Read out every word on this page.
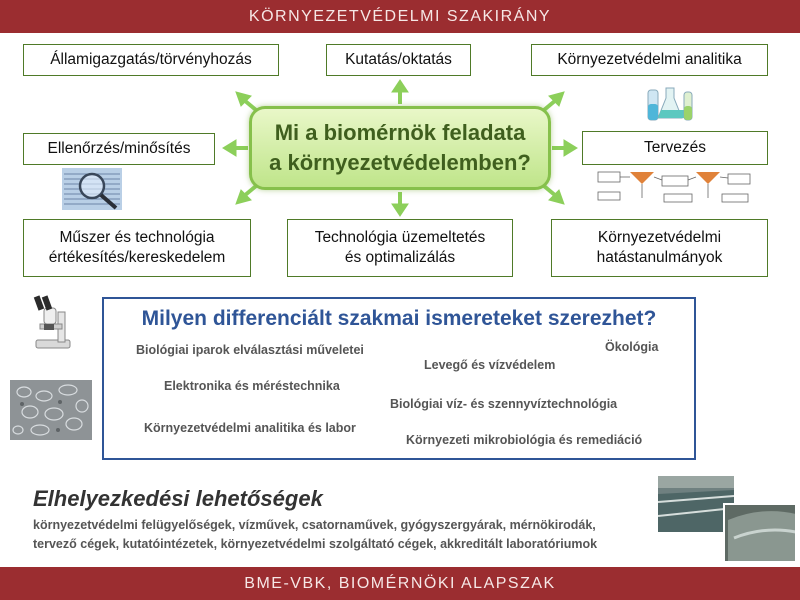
KÖRNYEZETVÉDELMI SZAKIRÁNY
Államigazgatás/törvényhozás	Kutatás/oktatás	Környezetvédelmi analitika
Ellenőrzés/minősítés	Tervezés
Műszer és technológia
értékesítés/kereskedelem
Technológia üzemeltetés
és optimalizálás
Környezetvédelmi
hatástanulmányok
Mi a biomérnök feladata
a környezetvédelemben?
Milyen differenciált szakmai ismereteket szerezhet?
Biológiai iparok elválasztási műveletei	Ökológia
Levegő és vízvédelem
Elektronika és méréstechnika
Biológiai víz- és szennyvíztechnológia
Környezetvédelmi analitika és labor
Környezeti mikrobiológia és remediáció
Elhelyezkedési lehetőségek
környezetvédelmi felügyelőségek, vízművek, csatornaművek, gyógyszergyárak, mérnökirodák,
tervező cégek, kutatóintézetek, környezetvédelmi szolgáltató cégek, akkreditált laboratóriumok
BME-VBK, BIOMÉRNÖKI ALAPSZAK
